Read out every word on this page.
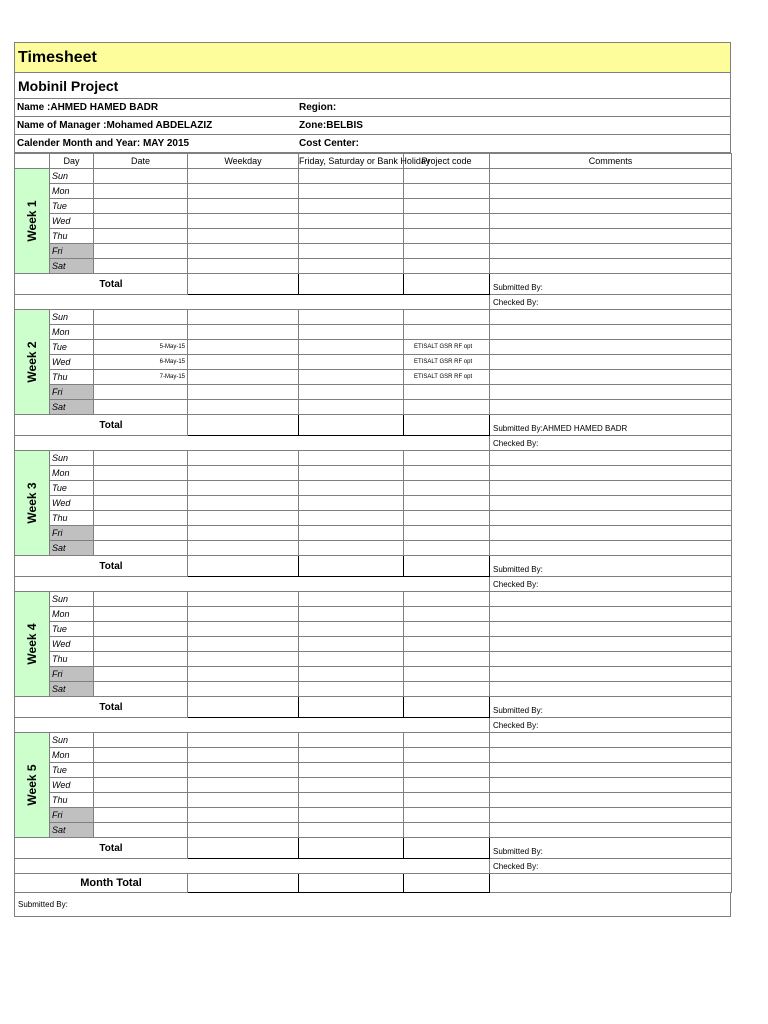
Timesheet
Mobinil Project
Name :AHMED HAMED BADR	Region:
Name of Manager :Mohamed ABDELAZIZ	Zone:BELBIS
Calender Month and Year: MAY 2015	Cost Center:
	Day	Date	Weekday	Friday, Saturday or Bank Holiday	Project code	Comments

Week 1	Sun					
	Mon					
	Tue					
	Wed					
	Thu					
	Fri					
	Sat					
Total						Submitted By:
						Checked By:

Week 2	Sun					
	Mon					
	Tue	5-May-15			ETISALT GSR RF opt	
	Wed	6-May-15			ETISALT GSR RF opt	
	Thu	7-May-15			ETISALT GSR RF opt	
	Fri					
	Sat					
Total						Submitted By:AHMED HAMED BADR
						Checked By:

Week 3	Sun					
	Mon					
	Tue					
	Wed					
	Thu					
	Fri					
	Sat					
Total						Submitted By:
						Checked By:

Week 4	Sun					
	Mon					
	Tue					
	Wed					
	Thu					
	Fri					
	Sat					
Total						Submitted By:
						Checked By:

Week 5	Sun					
	Mon					
	Tue					
	Wed					
	Thu					
	Fri					
	Sat					
Total						Submitted By:
						Checked By:
Month Total						
Submitted By:
